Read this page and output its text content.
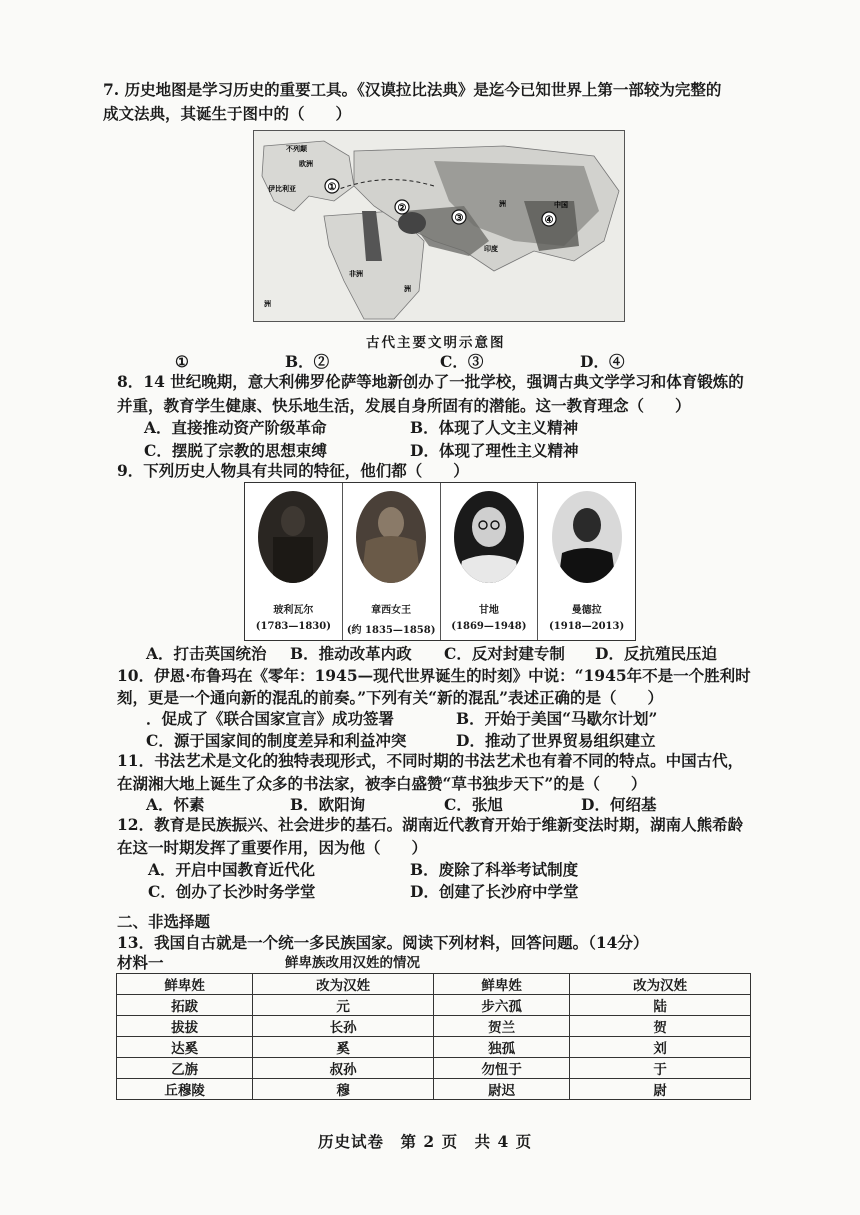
7. 历史地图是学习历史的重要工具。《汉谟拉比法典》是迄今已知世界上第一部较为完整的
成文法典，其诞生于图中的（　　）
①
②
③	④
不列颠
欧洲
伊比利亚
印度
中国
非洲
洲
洲
洲
古代主要文明示意图
①	B．②	C．③	D．④
8．14 世纪晚期，意大利佛罗伦萨等地新创办了一批学校，强调古典文学学习和体育锻炼的
并重，教育学生健康、快乐地生活，发展自身所固有的潜能。这一教育理念（　　）
A．直接推动资产阶级革命	B．体现了人文主义精神
C．摆脱了宗教的思想束缚	D．体现了理性主义精神
9．下列历史人物具有共同的特征，他们都（　　）
玻利瓦尔
(1783—1830)
章西女王
(约 1835—1858)
甘地
(1869—1948)
曼德拉
(1918—2013)
A．打击英国统治 B．推动改革内政 C．反对封建专制 D．反抗殖民压迫
10．伊恩·布鲁玛在《零年：1945—现代世界诞生的时刻》中说：“1945年不是一个胜利时
刻，更是一个通向新的混乱的前奏。”下列有关“新的混乱”表述正确的是（　　）
．促成了《联合国家宣言》成功签署	B．开始于美国“马歇尔计划”
C．源于国家间的制度差异和利益冲突	D．推动了世界贸易组织建立
11．书法艺术是文化的独特表现形式，不同时期的书法艺术也有着不同的特点。中国古代，
在湖湘大地上诞生了众多的书法家，被李白盛赞“草书独步天下”的是（　　）
A．怀素	B．欧阳询	C．张旭	D．何绍基
12．教育是民族振兴、社会进步的基石。湖南近代教育开始于维新变法时期，湖南人熊希龄
在这一时期发挥了重要作用，因为他（　　）
A．开启中国教育近代化	B．废除了科举考试制度
C．创办了长沙时务学堂	D．创建了长沙府中学堂
二、非选择题
13．我国自古就是一个统一多民族国家。阅读下列材料，回答问题。（14分）
材料一	鲜卑族改用汉姓的情况
鲜卑姓	改为汉姓	鲜卑姓	改为汉姓
拓跋	元	步六孤	陆
拔拔	长孙	贺兰	贺
达奚	奚	独孤	刘
乙旃	叔孙	勿忸于	于
丘穆陵	穆	尉迟	尉
历史试卷　第 2 页　共 4 页
